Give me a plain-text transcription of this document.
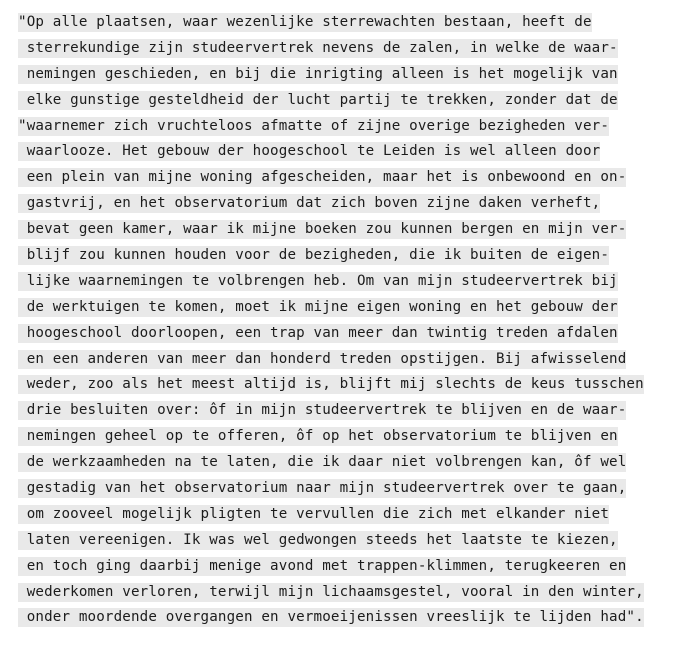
"Op alle plaatsen, waar wezenlijke sterrewachten bestaan, heeft de
sterrekundige zijn studeervertrek nevens de zalen, in welke de waar-
nemingen geschieden, en bij die inrigting alleen is het mogelijk van
elke gunstige gesteldheid der lucht partij te trekken, zonder dat de
"waarnemer zich vruchteloos afmatte of zijne overige bezigheden ver-
waarlooze. Het gebouw der hoogeschool te Leiden is wel alleen door
een plein van mijne woning afgescheiden, maar het is onbewoond en on-
gastvrij, en het observatorium dat zich boven zijne daken verheft,
bevat geen kamer, waar ik mijne boeken zou kunnen bergen en mijn ver-
blijf zou kunnen houden voor de bezigheden, die ik buiten de eigen-
lijke waarnemingen te volbrengen heb. Om van mijn studeervertrek bij
de werktuigen te komen, moet ik mijne eigen woning en het gebouw der
hoogeschool doorloopen, een trap van meer dan twintig treden afdalen
en een anderen van meer dan honderd treden opstijgen. Bij afwisselend
weder, zoo als het meest altijd is, blijft mij slechts de keus tusschen
drie besluiten over: ôf in mijn studeervertrek te blijven en de waar-
nemingen geheel op te offeren, ôf op het observatorium te blijven en
de werkzaamheden na te laten, die ik daar niet volbrengen kan, ôf wel
gestadig van het observatorium naar mijn studeervertrek over te gaan,
om zooveel mogelijk pligten te vervullen die zich met elkander niet
laten vereenigen. Ik was wel gedwongen steeds het laatste te kiezen,
en toch ging daarbij menige avond met trappen-klimmen, terugkeeren en
wederkomen verloren, terwijl mijn lichaamsgestel, vooral in den winter,
onder moordende overgangen en vermoeijenissen vreeslijk te lijden had".
